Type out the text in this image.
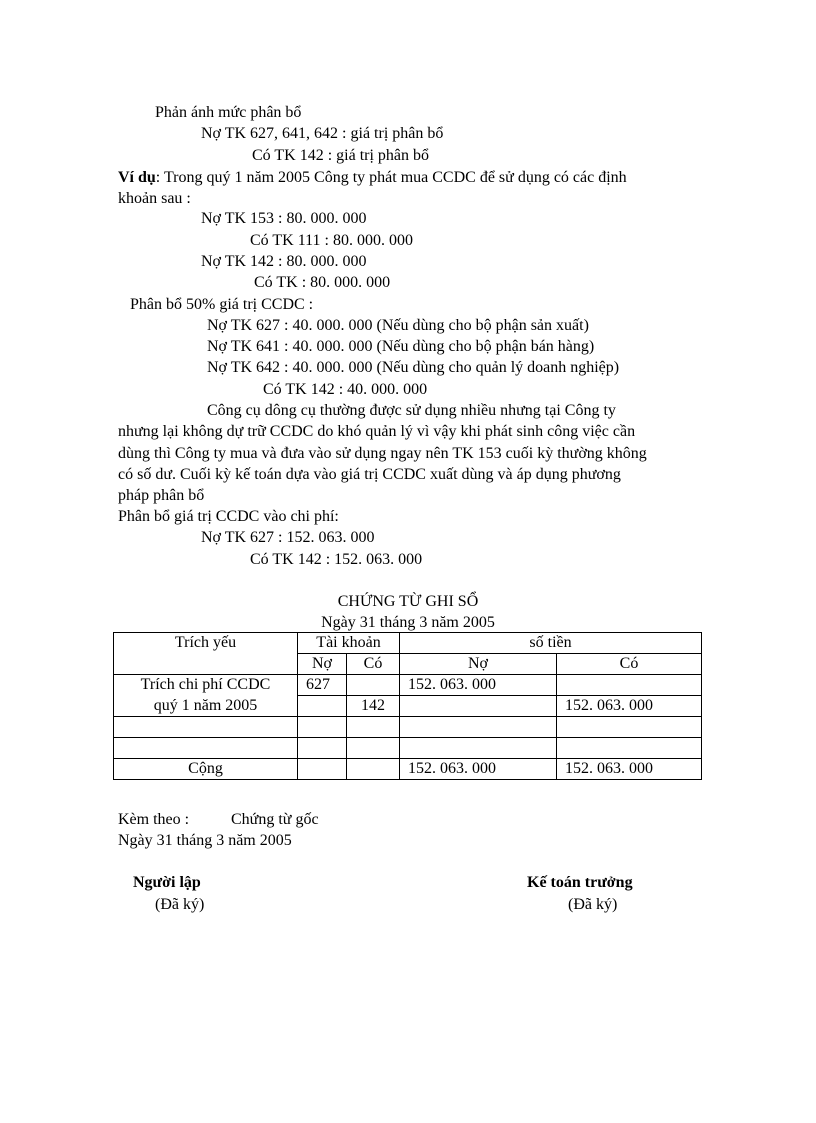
Phản ánh mức phân bổ
Nợ TK 627, 641, 642 : giá trị phân bổ
Có TK 142 : giá trị phân bổ
Ví dụ: Trong quý 1 năm 2005 Công ty phát mua CCDC để sử dụng có các định
khoản sau :
Nợ TK 153 : 80. 000. 000
Có TK 111 : 80. 000. 000
Nợ TK 142 : 80. 000. 000
Có TK : 80. 000. 000
Phân bổ 50% giá trị CCDC :
Nợ TK 627 : 40. 000. 000 (Nếu dùng cho bộ phận sản xuất)
Nợ TK 641 : 40. 000. 000 (Nếu dùng cho bộ phận bán hàng)
Nợ TK 642 : 40. 000. 000 (Nếu dùng cho quản lý doanh nghiệp)
Có TK 142 : 40. 000. 000
Công cụ dông cụ thường được sử dụng nhiều nhưng tại Công ty
nhưng lại không dự trữ CCDC do khó quản lý vì vậy khi phát sinh công việc cần
dùng thì Công ty mua và đưa vào sử dụng ngay nên TK 153 cuối kỳ thường không
có số dư. Cuối kỳ kế toán dựa vào giá trị CCDC xuất dùng và áp dụng phương
pháp phân bổ
Phân bổ giá trị CCDC vào chi phí:
Nợ TK 627 : 152. 063. 000
Có TK 142 : 152. 063. 000
CHỨNG TỪ GHI SỔ
Ngày 31 tháng 3 năm 2005
Trích yếu	Tài khoản		số tiền	
	Nợ	Có	Nợ	Có
Trích chi phí CCDC	627		152. 063. 000	
quý 1 năm 2005		142		152. 063. 000

Cộng			152. 063. 000	152. 063. 000
Kèm theo :	Chứng từ gốc
Ngày 31 tháng 3 năm 2005
Người lập
(Đã ký)
Kế toán trưởng
(Đã ký)
